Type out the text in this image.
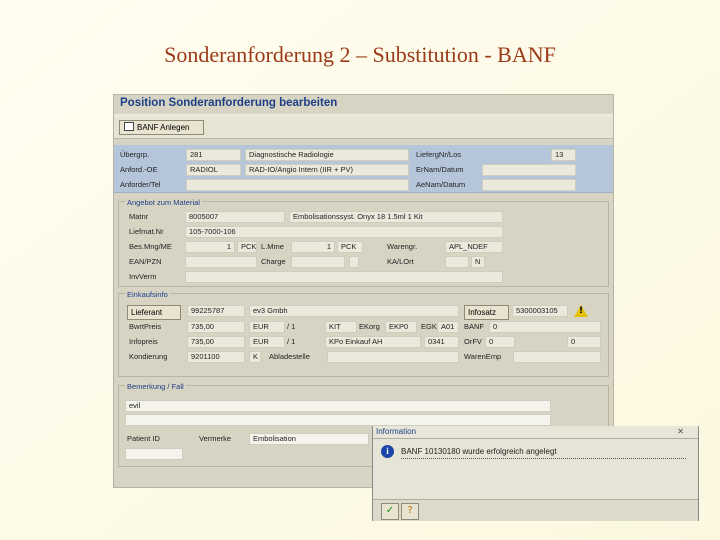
Sonderanforderung 2 – Substitution - BANF
Position Sonderanforderung bearbeiten
BANF Anlegen
Übergrp.	281	Diagnostische Radiologie	LiefergNr/Los	13
Anford.-OE	RADIOL	RAD-IO/Angio Intern (IIR + PV)	ErNam/Datum
Anforder/Tel	AeNam/Datum
Angebot zum Material
Matnr	8005007	Embolisationssyst. Onyx 18 1.5ml 1 Kit
Liefmat.Nr	105-7000-106
Bes.Mng/ME	1	PCK L.Mme	1	PCK	Warengr.	APL_NDEF
EAN/PZN	Charge	KA/LOrt	N
InvVerm
Einkaufsinfo
Lieferant	99225787	ev3 Gmbh	Infosatz	5300003105	!
BwrtPreis	735,00	EUR	/ 1	KIT	EKorg	EKP0	EGK A01	BANF	0
Infopreis	735,00	EUR	/ 1	KPo Einkauf AH	0341	OrFV 0	0
Kondierung	9201100	K	Abladestelle	WarenEmp
Bemerkung / Fall
evil
Patient ID	Vermerke	Embolisation
Information	✕
i	BANF 10130180 wurde erfolgreich angelegt
✓	?
